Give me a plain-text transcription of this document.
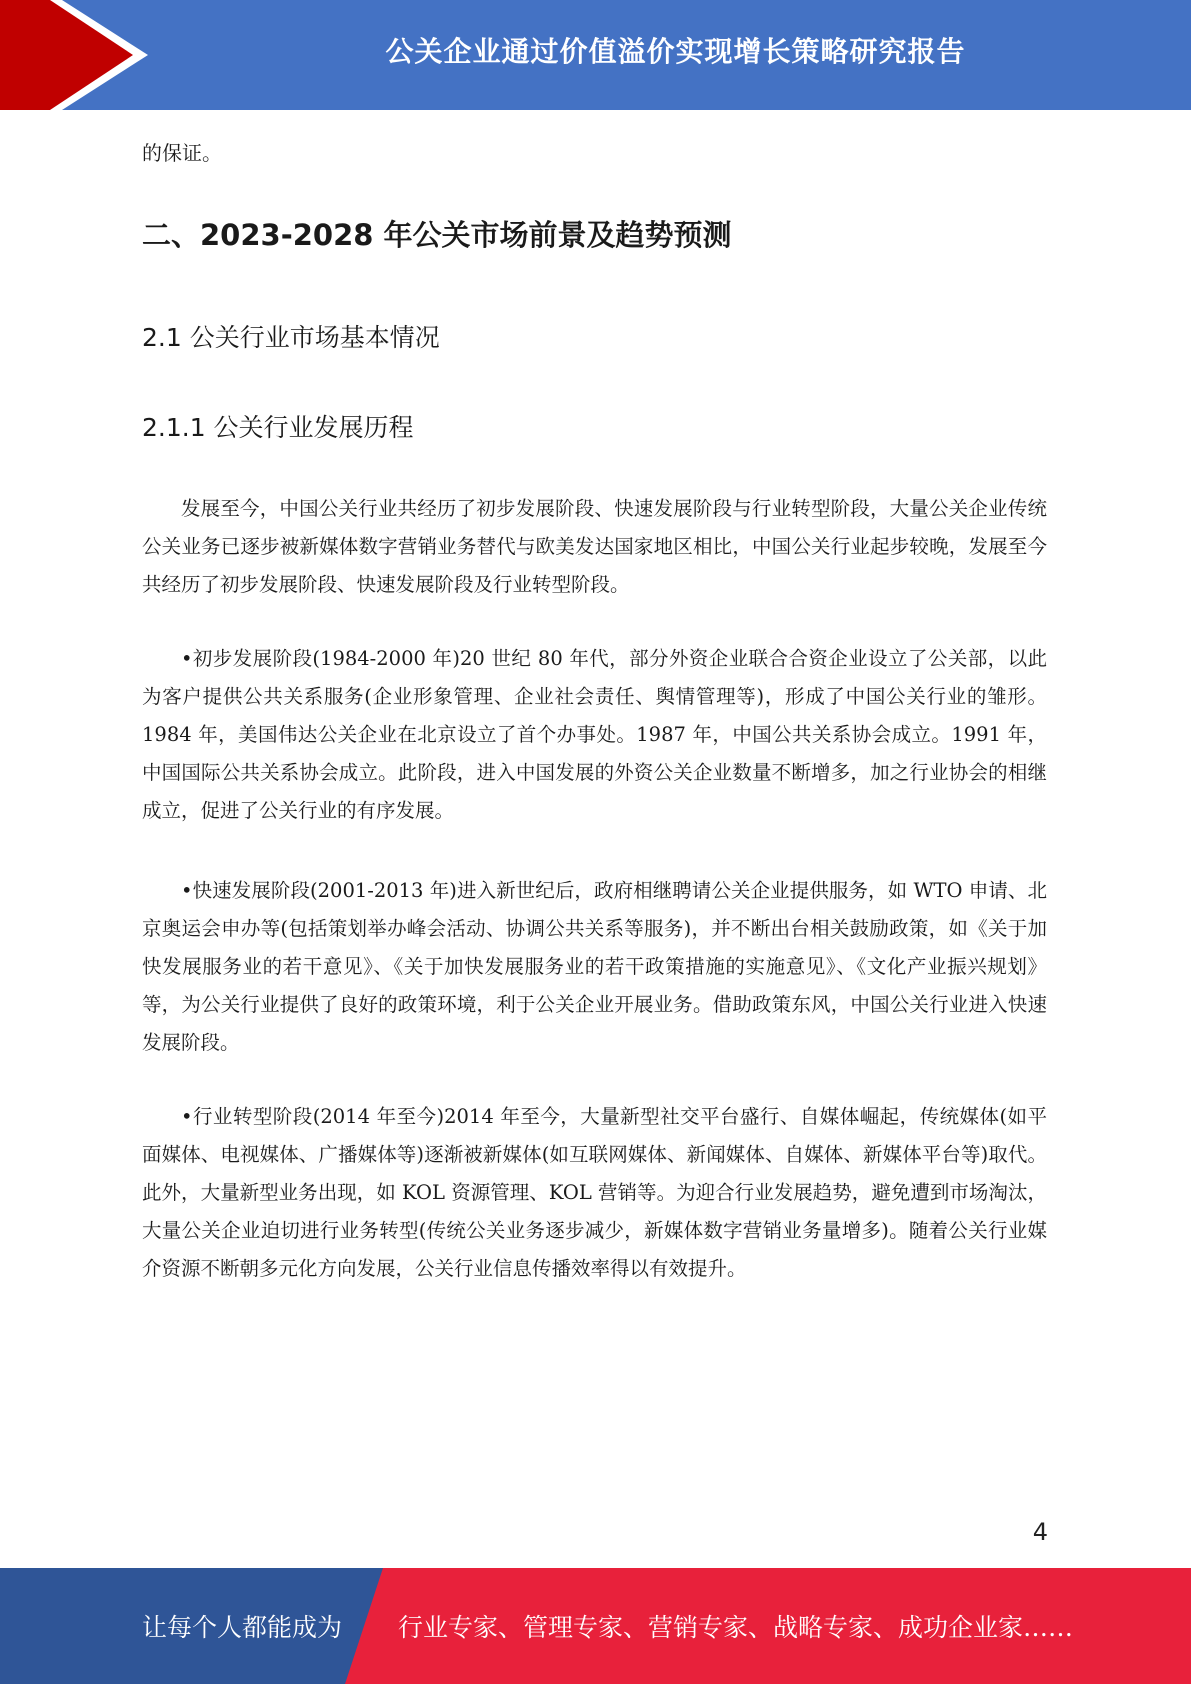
公关企业通过价值溢价实现增长策略研究报告
的保证。
二、2023-2028 年公关市场前景及趋势预测
2.1 公关行业市场基本情况
2.1.1 公关行业发展历程
发展至今，中国公关行业共经历了初步发展阶段、快速发展阶段与行业转型阶段，大量公关企业传统公关业务已逐步被新媒体数字营销业务替代与欧美发达国家地区相比，中国公关行业起步较晚，发展至今共经历了初步发展阶段、快速发展阶段及行业转型阶段。
•初步发展阶段(1984-2000 年)20 世纪 80 年代，部分外资企业联合合资企业设立了公关部，以此为客户提供公共关系服务(企业形象管理、企业社会责任、舆情管理等)，形成了中国公关行业的雏形。1984 年，美国伟达公关企业在北京设立了首个办事处。1987 年，中国公共关系协会成立。1991 年，中国国际公共关系协会成立。此阶段，进入中国发展的外资公关企业数量不断增多，加之行业协会的相继成立，促进了公关行业的有序发展。
•快速发展阶段(2001-2013 年)进入新世纪后，政府相继聘请公关企业提供服务，如 WTO 申请、北京奥运会申办等(包括策划举办峰会活动、协调公共关系等服务)，并不断出台相关鼓励政策，如《关于加快发展服务业的若干意见》、《关于加快发展服务业的若干政策措施的实施意见》、《文化产业振兴规划》等，为公关行业提供了良好的政策环境，利于公关企业开展业务。借助政策东风，中国公关行业进入快速发展阶段。
•行业转型阶段(2014 年至今)2014 年至今，大量新型社交平台盛行、自媒体崛起，传统媒体(如平面媒体、电视媒体、广播媒体等)逐渐被新媒体(如互联网媒体、新闻媒体、自媒体、新媒体平台等)取代。此外，大量新型业务出现，如 KOL 资源管理、KOL 营销等。为迎合行业发展趋势，避免遭到市场淘汰，大量公关企业迫切进行业务转型(传统公关业务逐步减少，新媒体数字营销业务量增多)。随着公关行业媒介资源不断朝多元化方向发展，公关行业信息传播效率得以有效提升。
4
让每个人都能成为 行业专家、管理专家、营销专家、战略专家、成功企业家……
